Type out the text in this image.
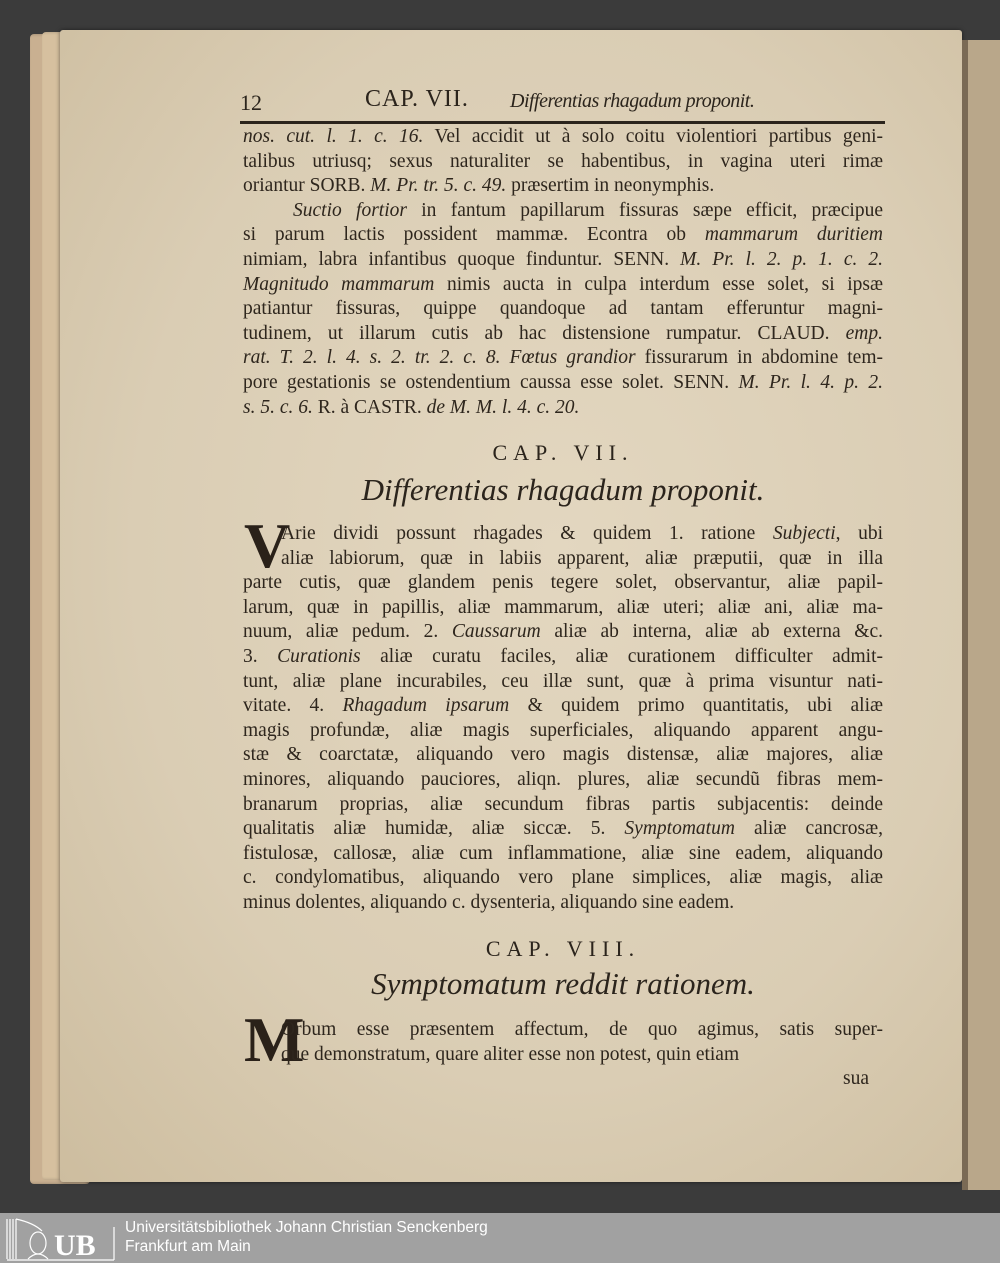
12	CAP. VII. Differentias rhagadum proponit.
nos. cut. l. 1. c. 16. Vel accidit ut à solo coitu violentiori partibus geni-
talibus utriusq; sexus naturaliter se habentibus, in vagina uteri rimæ
oriantur SORB. M. Pr. tr. 5. c. 49. præsertim in neonymphis.
Suctio fortior in fantum papillarum fissuras sæpe efficit, præcipue
si parum lactis possident mammæ. Econtra ob mammarum duritiem
nimiam, labra infantibus quoque finduntur. SENN. M. Pr. l. 2. p. 1. c. 2.
Magnitudo mammarum nimis aucta in culpa interdum esse solet, si ipsæ
patiantur fissuras, quippe quandoque ad tantam efferuntur magni-
tudinem, ut illarum cutis ab hac distensione rumpatur. CLAUD. emp.
rat. T. 2. l. 4. s. 2. tr. 2. c. 8. Fœtus grandior fissurarum in abdomine tem-
pore gestationis se ostendentium caussa esse solet. SENN. M. Pr. l. 4. p. 2.
s. 5. c. 6. R. à CASTR. de M. M. l. 4. c. 20.
CAP. VII.
Differentias rhagadum proponit.
V
Arie dividi possunt rhagades & quidem 1. ratione Subjecti, ubi
aliæ labiorum, quæ in labiis apparent, aliæ præputii, quæ in illa
parte cutis, quæ glandem penis tegere solet, observantur, aliæ papil-
larum, quæ in papillis, aliæ mammarum, aliæ uteri; aliæ ani, aliæ ma-
nuum, aliæ pedum. 2. Caussarum aliæ ab interna, aliæ ab externa &c.
3. Curationis aliæ curatu faciles, aliæ curationem difficulter admit-
tunt, aliæ plane incurabiles, ceu illæ sunt, quæ à prima visuntur nati-
vitate. 4. Rhagadum ipsarum & quidem primo quantitatis, ubi aliæ
magis profundæ, aliæ magis superficiales, aliquando apparent angu-
stæ & coarctatæ, aliquando vero magis distensæ, aliæ majores, aliæ
minores, aliquando pauciores, aliqn. plures, aliæ secundũ fibras mem-
branarum proprias, aliæ secundum fibras partis subjacentis: deinde
qualitatis aliæ humidæ, aliæ siccæ. 5. Symptomatum aliæ cancrosæ,
fistulosæ, callosæ, aliæ cum inflammatione, aliæ sine eadem, aliquando
c. condylomatibus, aliquando vero plane simplices, aliæ magis, aliæ
minus dolentes, aliquando c. dysenteria, aliquando sine eadem.
CAP. VIII.
Symptomatum reddit rationem.
M
Orbum esse præsentem affectum, de quo agimus, satis super-
que demonstratum, quare aliter esse non potest, quin etiam
sua
UB
Universitätsbibliothek Johann Christian Senckenberg
Frankfurt am Main
